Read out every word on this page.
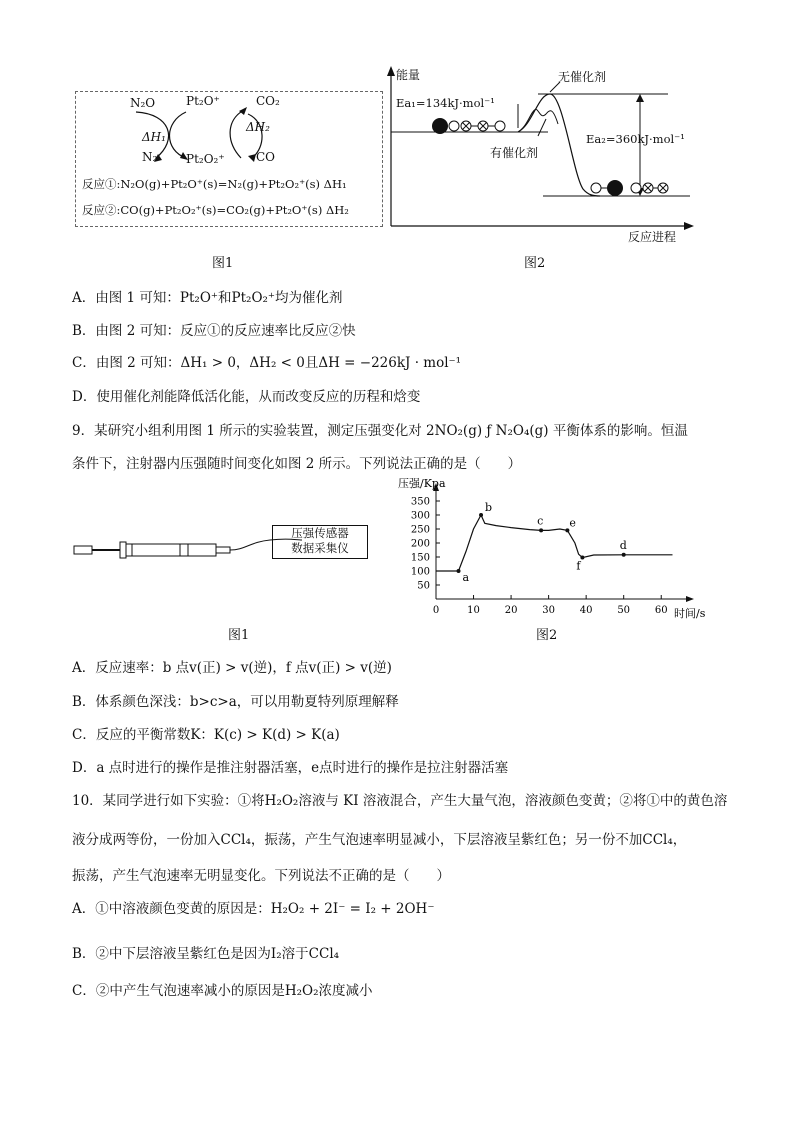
N₂O	Pt₂O⁺	CO₂
ΔH₁
ΔH₂
N₂ Pt₂O₂⁺	CO
反应①:N₂O(g)+Pt₂O⁺(s)=N₂(g)+Pt₂O₂⁺(s) ΔH₁
反应②:CO(g)+Pt₂O₂⁺(s)=CO₂(g)+Pt₂O⁺(s) ΔH₂
图1
能量	无催化剂
Ea₁=134kJ·mol⁻¹
Ea₂=360kJ·mol⁻¹
有催化剂
反应进程
图2
A．由图 1 可知：Pt₂O⁺和Pt₂O₂⁺均为催化剂
B．由图 2 可知：反应①的反应速率比反应②快
C．由图 2 可知：ΔH₁ > 0，ΔH₂ < 0且ΔH = −226kJ · mol⁻¹
D．使用催化剂能降低活化能，从而改变反应的历程和焓变
9．某研究小组利用图 1 所示的实验装置，测定压强变化对 2NO₂(g) ƒ N₂O₄(g) 平衡体系的影响。恒温
条件下，注射器内压强随时间变化如图 2 所示。下列说法正确的是（　　）
压强传感器
数据采集仪
图1
压强/Kpa
时间/s
50
100
150
200
250
300
350
0	10 20 30 40 50 60
a
b
c e
f
d
图2
A．反应速率：b 点v(正) > v(逆)，f 点v(正) > v(逆)
B．体系颜色深浅：b>c>a，可以用勒夏特列原理解释
C．反应的平衡常数K：K(c) > K(d) > K(a)
D．a 点时进行的操作是推注射器活塞，e点时进行的操作是拉注射器活塞
10．某同学进行如下实验：①将H₂O₂溶液与 KI 溶液混合，产生大量气泡，溶液颜色变黄；②将①中的黄色溶
液分成两等份，一份加入CCl₄，振荡，产生气泡速率明显减小，下层溶液呈紫红色；另一份不加CCl₄，
振荡，产生气泡速率无明显变化。下列说法不正确的是（　　）
A．①中溶液颜色变黄的原因是：H₂O₂ + 2I⁻ = I₂ + 2OH⁻
B．②中下层溶液呈紫红色是因为I₂溶于CCl₄
C．②中产生气泡速率减小的原因是H₂O₂浓度减小
